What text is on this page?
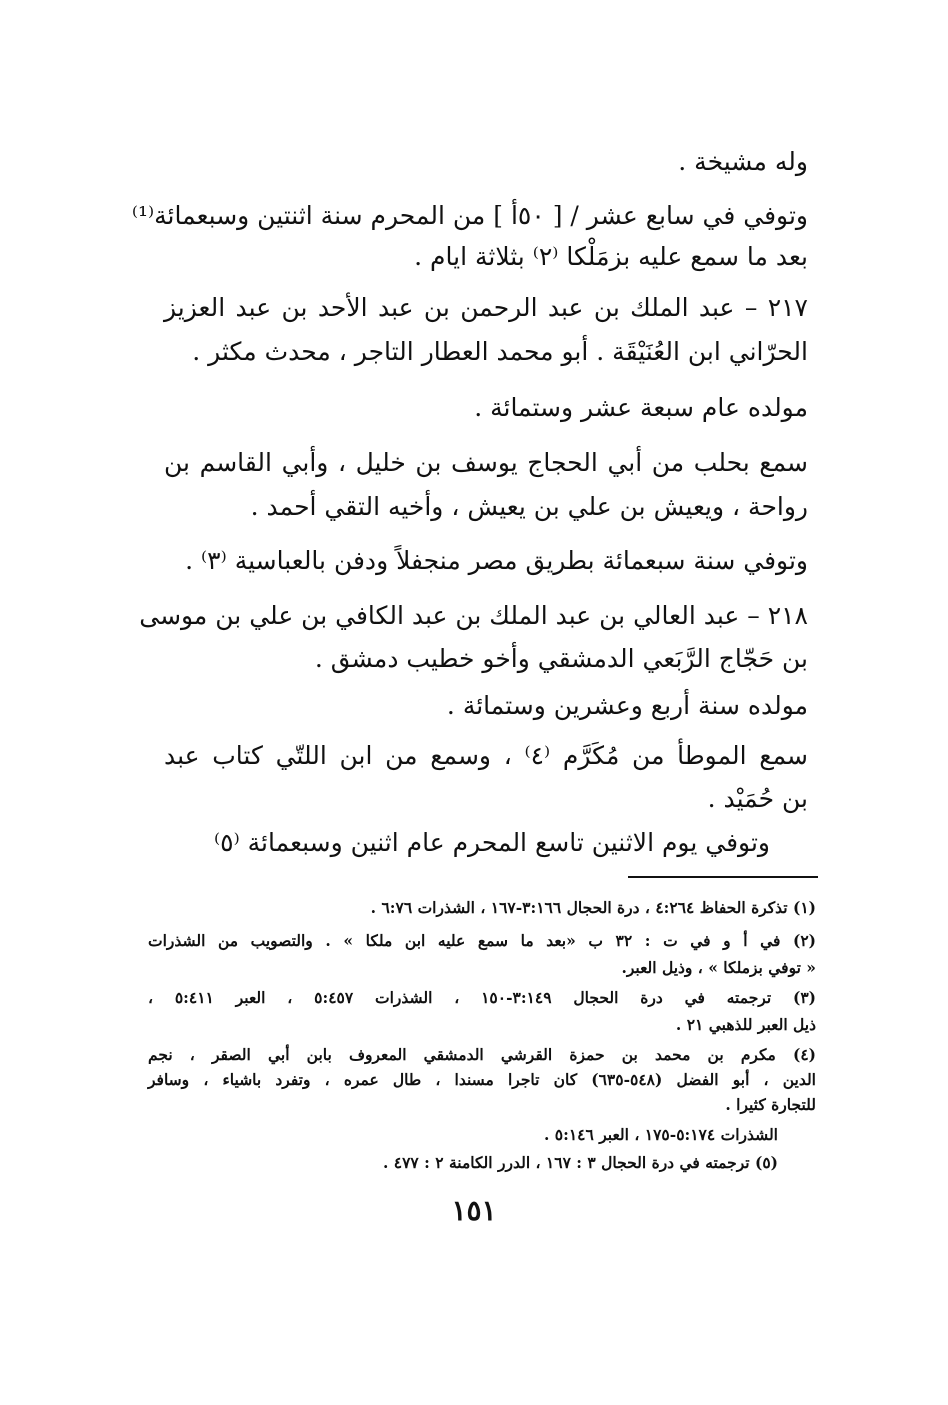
وله مشيخة .
وتوفي في سابع عشر / [ ٥٠أ ] من المحرم سنة اثنتين وسبعمائة⁽¹⁾
بعد ما سمع عليه بزمَلْكا ⁽٢⁾ بثلاثة ايام .
٢١٧ – عبد الملك بن عبد الرحمن بن عبد الأحد بن عبد العزيز
الحرّاني ابن العُنَيْقَة . أبو محمد العطار التاجر ، محدث مكثر .
مولده عام سبعة عشر وستمائة .
سمع بحلب من أبي الحجاج يوسف بن خليل ، وأبي القاسم بن
رواحة ، ويعيش بن علي بن يعيش ، وأخيه التقي أحمد .
وتوفي سنة سبعمائة بطريق مصر منجفلاً ودفن بالعباسية ⁽٣⁾ .
٢١٨ – عبد العالي بن عبد الملك بن عبد الكافي بن علي بن موسى
بن حَجّاج الرَّبَعي الدمشقي وأخو خطيب دمشق .
مولده سنة أربع وعشرين وستمائة .
سمع الموطأ من مُكَرَّم ⁽٤⁾ ، وسمع من ابن اللتّي كتاب عبد
بن حُمَيْد .
وتوفي يوم الاثنين تاسع المحرم عام اثنين وسبعمائة ⁽٥⁾
(١) تذكرة الحفاظ ٤:٢٦٤ ، درة الحجال ٣:١٦٦-١٦٧ ، الشذرات ٦:٧٦ .
(٢) في أ و في ت : ٣٢ ب «بعد ما سمع عليه ابن ملكا » . والتصويب من الشذرات
« توفي بزملكا » ، وذيل العبر.
(٣) ترجمته في درة الحجال ٣:١٤٩-١٥٠ ، الشذرات ٥:٤٥٧ ، العبر ٥:٤١١ ،
ذيل العبر للذهبي ٢١ .
(٤) مكرم بن محمد بن حمزة القرشي الدمشقي المعروف بابن أبي الصقر ، نجم
الدين ، أبو الفضل (٥٤٨-٦٣٥) كان تاجرا مسندا ، طال عمره ، وتفرد باشياء ، وسافر
للتجارة كثيرا .
الشذرات ٥:١٧٤-١٧٥ ، العبر ٥:١٤٦ .
(٥) ترجمته في درة الحجال ٣ : ١٦٧ ، الدرر الكامنة ٢ : ٤٧٧ .
١٥١
